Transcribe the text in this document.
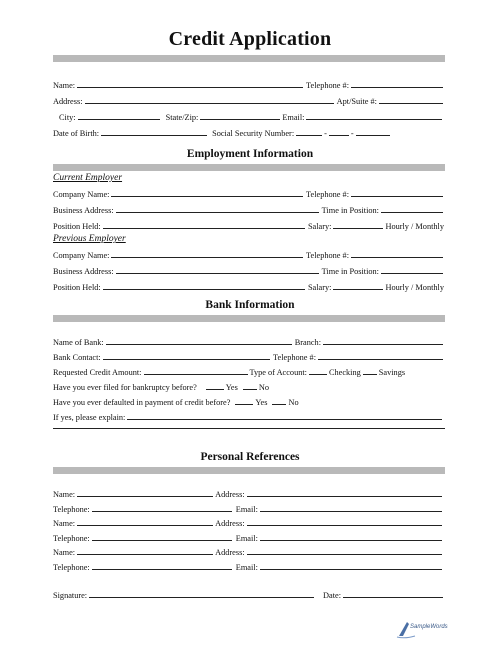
Credit Application
Name:	Telephone #:
Address:	Apt/Suite #:
City:	State/Zip:	Email:
Date of Birth:	Social Security Number:	-	-
Employment Information
Current Employer
Company Name:	Telephone #:
Business Address:	Time in Position:
Position Held:	Salary:	Hourly / Monthly
Previous Employer
Company Name:	Telephone #:
Business Address:	Time in Position:
Position Held:	Salary:	Hourly / Monthly
Bank Information
Name of Bank:	Branch:
Bank Contact:	Telephone #:
Requested Credit Amount:	Type of Account:	Checking Savings
Have you ever filed for bankruptcy before?	Yes	No
Have you ever defaulted in payment of credit before?	Yes	No
If yes, please explain:
Personal References
Name:	Address:
Telephone:	Email:
Name:	Address:
Telephone:	Email:
Name:	Address:
Telephone:	Email:
Signature:	Date:
SampleWords
